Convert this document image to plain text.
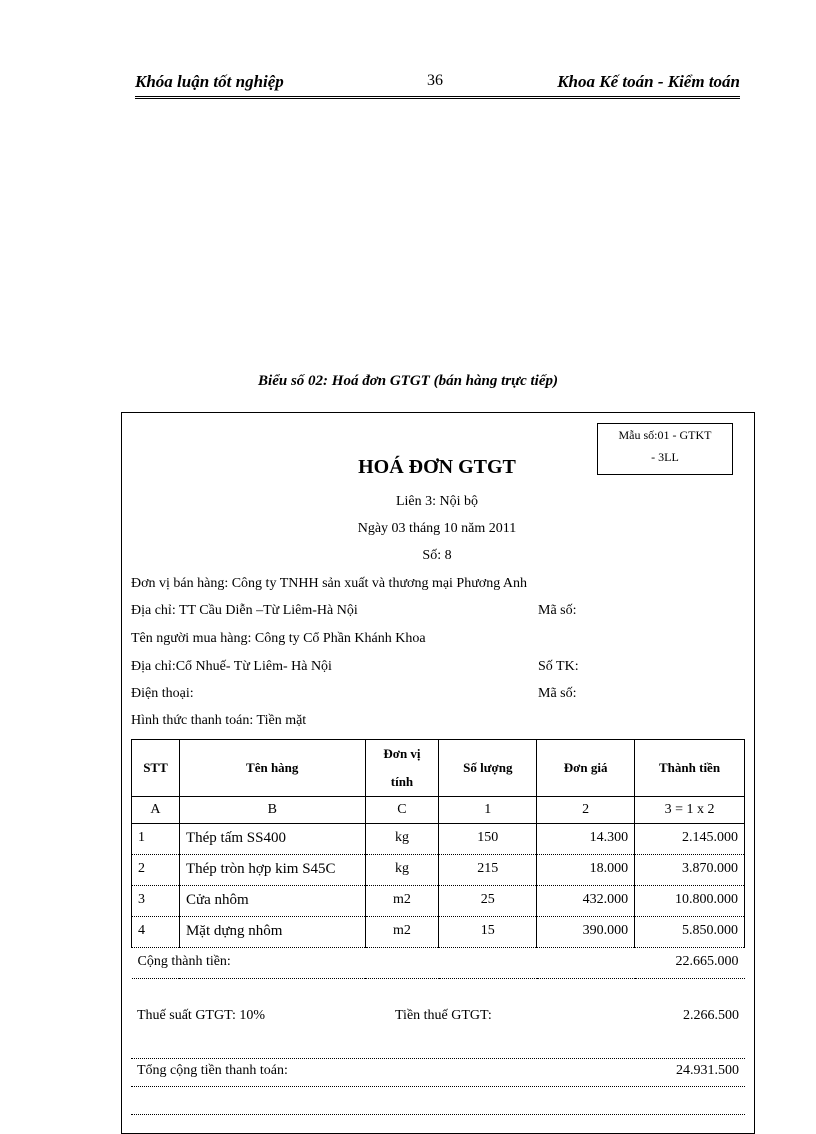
Khóa luận tốt nghiệp	36	Khoa Kế toán - Kiểm toán
Biểu số 02: Hoá đơn GTGT (bán hàng trực tiếp)
Mẫu số:01 - GTKT
- 3LL
HOÁ ĐƠN GTGT
Liên 3: Nội bộ
Ngày 03 tháng 10 năm 2011
Số: 8
Đơn vị bán hàng: Công ty TNHH sản xuất và thương mại Phương Anh
Địa chỉ: TT Cầu Diễn –Từ Liêm-Hà Nội	Mã số:
Tên người mua hàng: Công ty Cổ Phần Khánh Khoa
Địa chỉ:Cổ Nhuế- Từ Liêm- Hà Nội	Số TK:
Điện thoại:	Mã số:
Hình thức thanh toán: Tiền mặt
STT	Tên hàng	Đơn vị tính	Số lượng	Đơn giá	Thành tiền
A	B	C	1	2	3 = 1 x 2
1	Thép tấm SS400	kg	150	14.300	2.145.000
2	Thép tròn hợp kim S45C	kg	215	18.000	3.870.000
3	Cửa nhôm	m2	25	432.000	10.800.000
4	Mặt dựng nhôm	m2	15	390.000	5.850.000
Cộng thành tiền:					22.665.000
Thuế suất GTGT: 10%	Tiền thuế GTGT:	2.266.500
Tổng cộng tiền thanh toán:	24.931.500
